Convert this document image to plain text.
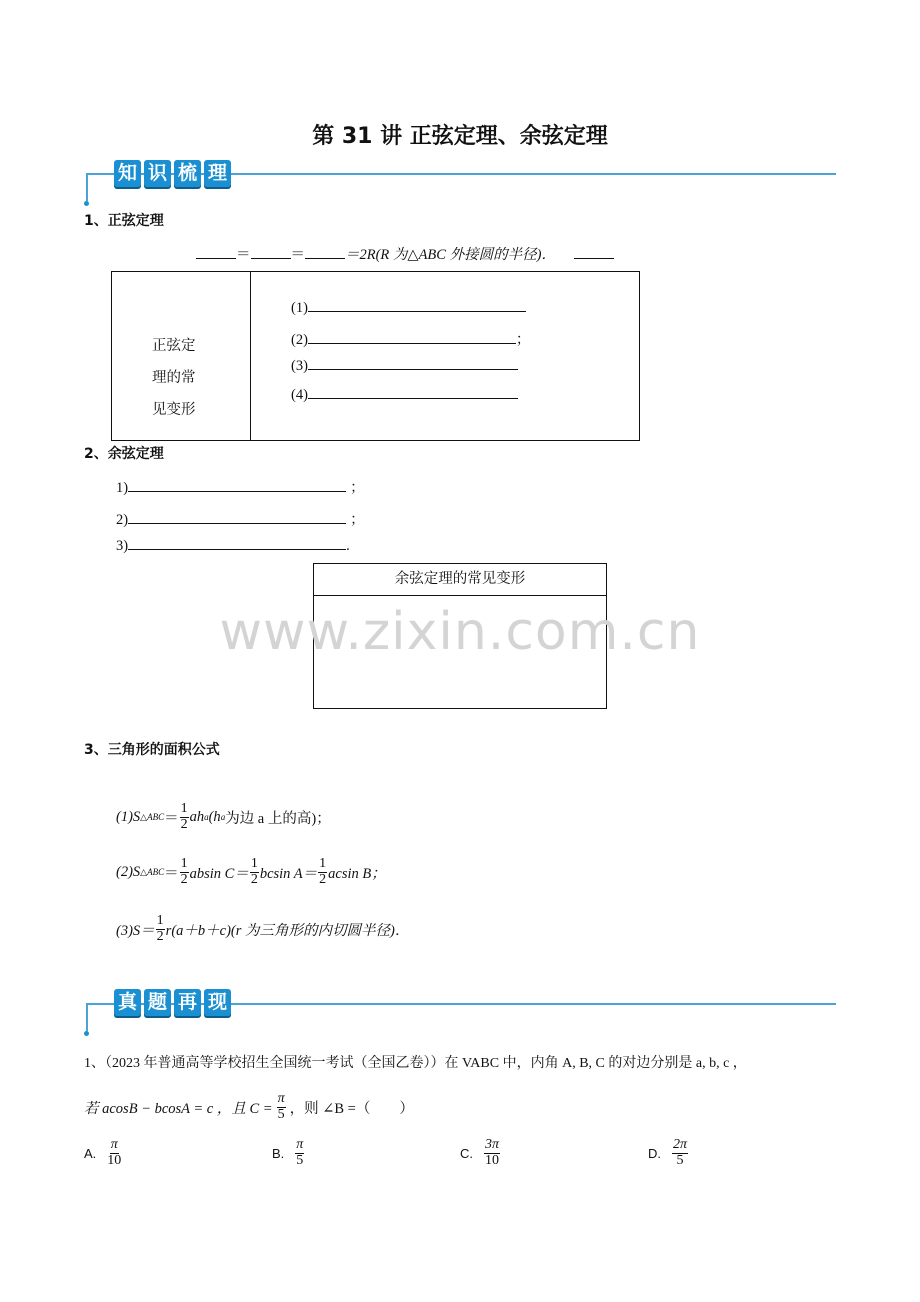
第 31 讲 正弦定理、余弦定理
知 识 梳 理
1、正弦定理
＝	＝	＝2R(R 为△ABC 外接圆的半径)．
正弦定
理的常
见变形
(1)
(2)	；
(3)
(4)
2、余弦定理
1)	；
2)	；
3)	.
余弦定理的常见变形
www.zixin.com.cn
3、三角形的面积公式
(1)S △ABC ＝ $\frac{1}{2}$ ah a (h a 为边 a 上的高)；
(2)S △ABC ＝ $\frac{1}{2}$ absin $C= \frac{1}{2}$ bcsin $A= \frac{1}{2}$ acsin B；
$(3)S= \frac{1}{2} r(a+b+c)(r$ 为三角形的内切圆半径)．
真 题 再 现
1、（2023 年普通高等学校招生全国统一考试（全国乙卷））在 VABC 中，内角 A, B, C 的对边分别是 a, b, c ，
若 acosB − bcosA = c ，且 $C = \frac{\pi}{5}$ ，则 ∠B =（　　）
A. $\frac{\pi}{10}$	B. $\frac{\pi}{5}$	C. $\frac{3\pi}{10}$	D. $\frac{2\pi}{5}$
